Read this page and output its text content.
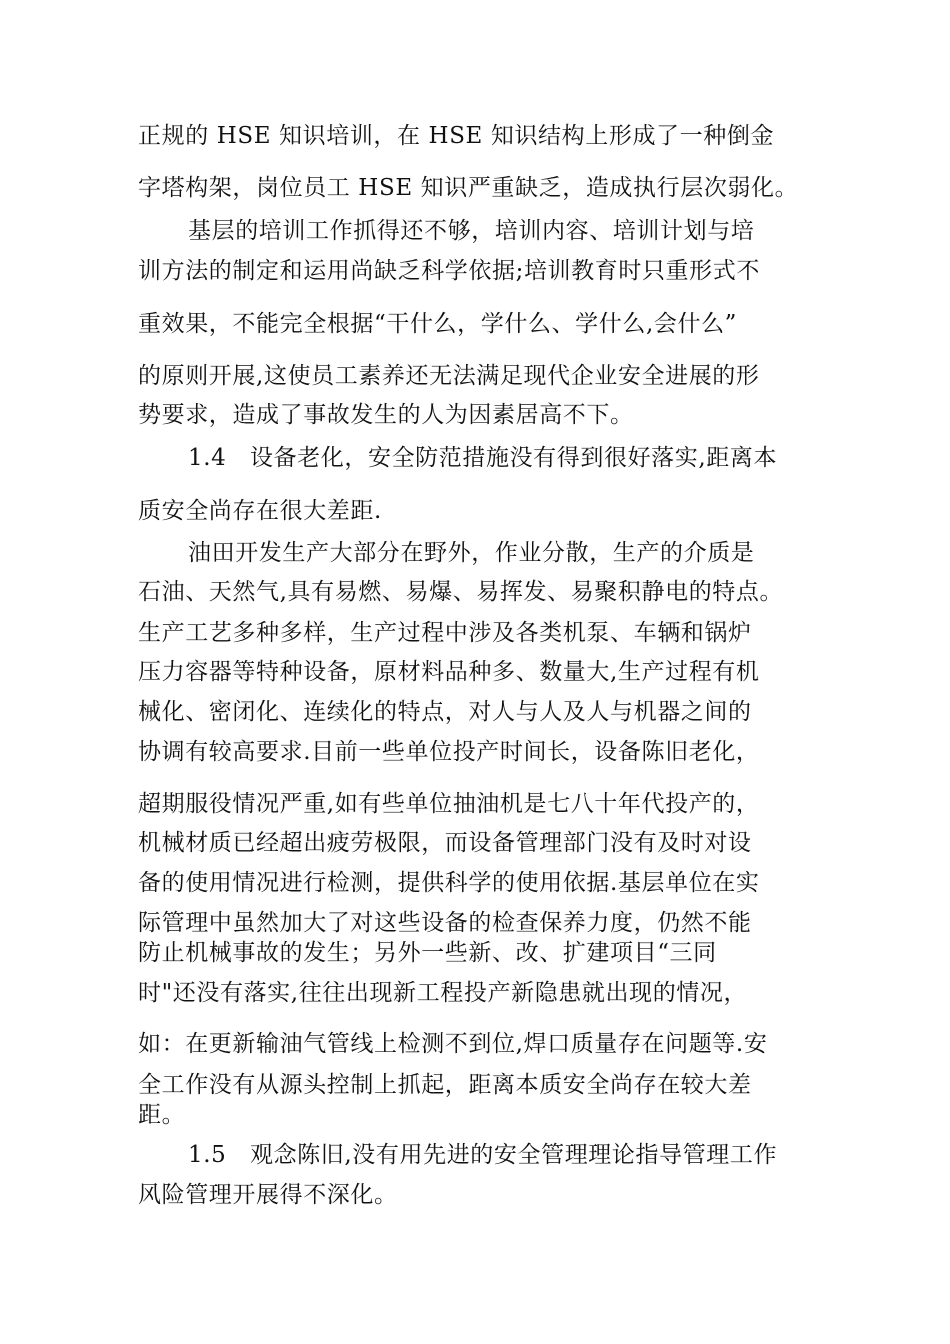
正规的 HSE 知识培训，在 HSE 知识结构上形成了一种倒金
字塔构架，岗位员工 HSE 知识严重缺乏，造成执行层次弱化。
基层的培训工作抓得还不够，培训内容、培训计划与培
训方法的制定和运用尚缺乏科学依据;培训教育时只重形式不
重效果，不能完全根据“干什么，学什么、学什么,会什么”
的原则开展,这使员工素养还无法满足现代企业安全进展的形
势要求，造成了事故发生的人为因素居高不下。
1.4　设备老化，安全防范措施没有得到很好落实,距离本
质安全尚存在很大差距.
油田开发生产大部分在野外，作业分散，生产的介质是
石油、天然气,具有易燃、易爆、易挥发、易聚积静电的特点。
生产工艺多种多样，生产过程中涉及各类机泵、车辆和锅炉
压力容器等特种设备，原材料品种多、数量大,生产过程有机
械化、密闭化、连续化的特点，对人与人及人与机器之间的
协调有较高要求.目前一些单位投产时间长，设备陈旧老化，
超期服役情况严重,如有些单位抽油机是七八十年代投产的，
机械材质已经超出疲劳极限，而设备管理部门没有及时对设
备的使用情况进行检测，提供科学的使用依据.基层单位在实
际管理中虽然加大了对这些设备的检查保养力度，仍然不能
防止机械事故的发生；另外一些新、改、扩建项目“三同
时"还没有落实,往往出现新工程投产新隐患就出现的情况，
如：在更新输油气管线上检测不到位,焊口质量存在问题等.安
全工作没有从源头控制上抓起，距离本质安全尚存在较大差
距。
1.5　观念陈旧,没有用先进的安全管理理论指导管理工作
风险管理开展得不深化。
